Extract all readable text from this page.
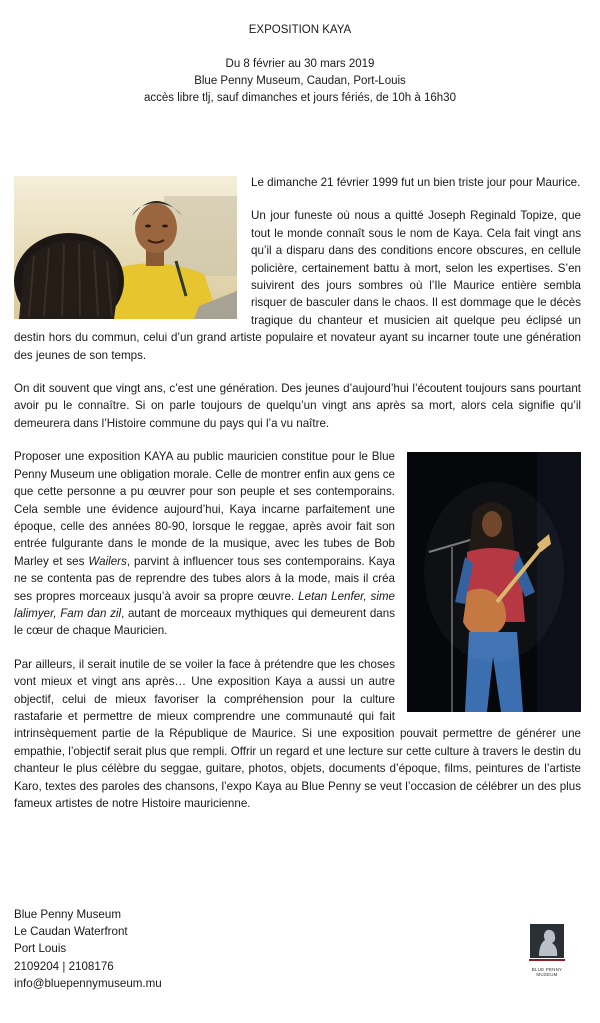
EXPOSITION KAYA
Du 8 février au 30 mars 2019
Blue Penny Museum, Caudan, Port-Louis
accès libre tlj, sauf dimanches et jours fériés, de 10h à 16h30

Le dimanche 21 février 1999 fut un bien triste jour pour Maurice.

Un jour funeste où nous a quitté Joseph Reginald Topize, que tout le monde connaît sous le nom de Kaya. Cela fait vingt ans qu’il a disparu dans des conditions encore obscures, en cellule policière, certainement battu à mort, selon les expertises. S’en suivirent des jours sombres où l’Ile Maurice entière sembla risquer de basculer dans le chaos. Il est dommage que le décès tragique du chanteur et musicien ait quelque peu éclipsé un destin hors du commun, celui d’un grand artiste populaire et novateur ayant su incarner toute une génération des jeunes de son temps.

On dit souvent que vingt ans, c’est une génération. Des jeunes d’aujourd’hui l’écoutent toujours sans pourtant avoir pu le connaître. Si on parle toujours de quelqu’un vingt ans après sa mort, alors cela signifie qu’il demeurera dans l’Histoire commune du pays qui l’a vu naître.

Proposer une exposition KAYA au public mauricien constitue pour le Blue Penny Museum une obligation morale. Celle de montrer enfin aux gens ce que cette personne a pu œuvrer pour son peuple et ses contemporains. Cela semble une évidence aujourd’hui, Kaya incarne parfaitement une époque, celle des années 80-90, lorsque le reggae, après avoir fait son entrée fulgurante dans le monde de la musique, avec les tubes de Bob Marley et ses Wailers, parvint à influencer tous ses contemporains. Kaya ne se contenta pas de reprendre des tubes alors à la mode, mais il créa ses propres morceaux jusqu’à avoir sa propre œuvre. Letan Lenfer, sime lalimyer, Fam dan zil, autant de morceaux mythiques qui demeurent dans le cœur de chaque Mauricien.

Par ailleurs, il serait inutile de se voiler la face à prétendre que les choses vont mieux et vingt ans après… Une exposition Kaya a aussi un autre objectif, celui de mieux favoriser la compréhension pour la culture rastafarie et permettre de mieux comprendre une communauté qui fait intrinsèquement partie de la République de Maurice. Si une exposition pouvait permettre de générer une empathie, l’objectif serait plus que rempli. Offrir un regard et une lecture sur cette culture à travers le destin du chanteur le plus célèbre du seggae, guitare, photos, objets, documents d’époque, films, peintures de l’artiste Karo, textes des paroles des chansons, l’expo Kaya au Blue Penny se veut l’occasion de célébrer un des plus fameux artistes de notre Histoire mauricienne.

Blue Penny Museum
Le Caudan Waterfront
Port Louis
2109204 | 2108176
info@bluepennymuseum.mu
BLUE PENNY
MUSEUM
